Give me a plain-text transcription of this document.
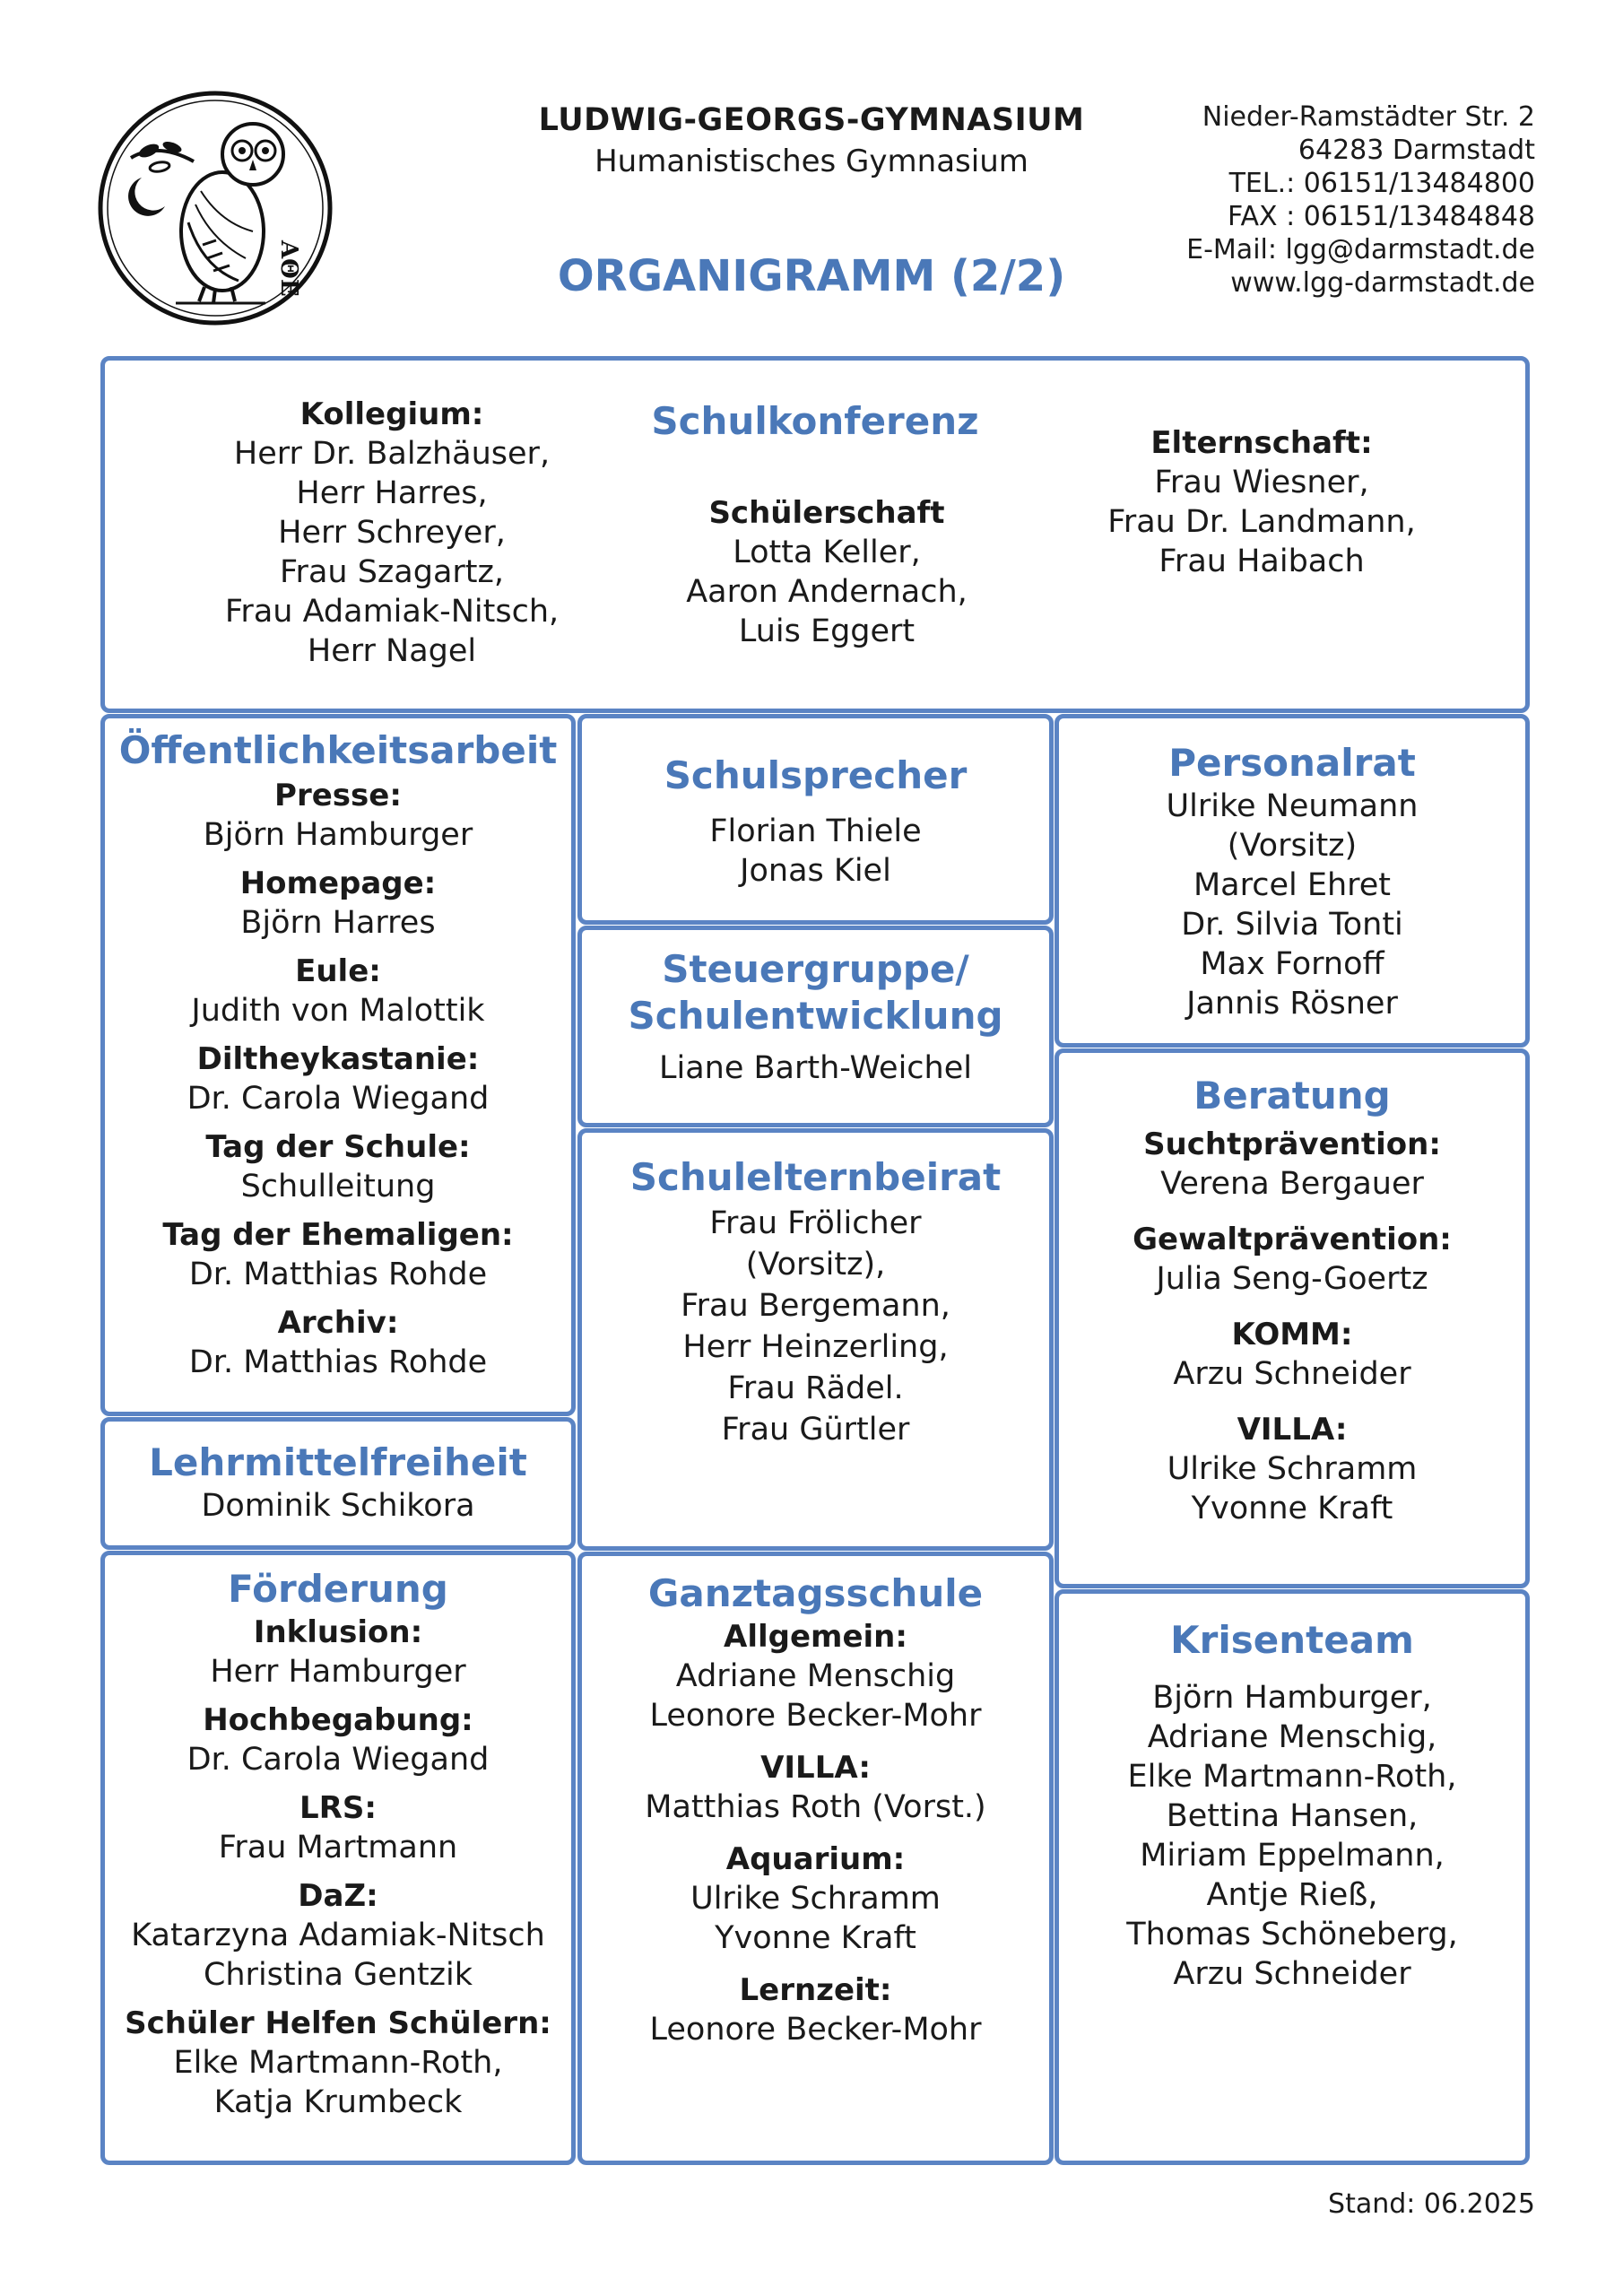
ΑΘΕ
LUDWIG-GEORGS-GYMNASIUM
Humanistisches Gymnasium
ORGANIGRAMM (2/2)
Nieder-Ramstädter Str. 2
64283 Darmstadt
TEL.: 06151/13484800
FAX : 06151/13484848
E-Mail: lgg@darmstadt.de
www.lgg-darmstadt.de
Schulkonferenz
Kollegium:
Herr Dr. Balzhäuser,
Herr Harres,
Herr Schreyer,
Frau Szagartz,
Frau Adamiak-Nitsch,
Herr Nagel
Schülerschaft
Lotta Keller,
Aaron Andernach,
Luis Eggert
Elternschaft:
Frau Wiesner,
Frau Dr. Landmann,
Frau Haibach
Öffentlichkeitsarbeit
Presse:
Björn Hamburger
Homepage:
Björn Harres
Eule:
Judith von Malottik
Diltheykastanie:
Dr. Carola Wiegand
Tag der Schule:
Schulleitung
Tag der Ehemaligen:
Dr. Matthias Rohde
Archiv:
Dr. Matthias Rohde
Lehrmittelfreiheit
Dominik Schikora
Förderung
Inklusion:
Herr Hamburger
Hochbegabung:
Dr. Carola Wiegand
LRS:
Frau Martmann
DaZ:
Katarzyna Adamiak-Nitsch
Christina Gentzik
Schüler Helfen Schülern:
Elke Martmann-Roth,
Katja Krumbeck
Schulsprecher
Florian Thiele
Jonas Kiel
Steuergruppe/
Schulentwicklung
Liane Barth-Weichel
Schulelternbeirat
Frau Frölicher
(Vorsitz),
Frau Bergemann,
Herr Heinzerling,
Frau Rädel.
Frau Gürtler
Ganztagsschule
Allgemein:
Adriane Menschig
Leonore Becker-Mohr
VILLA:
Matthias Roth (Vorst.)
Aquarium:
Ulrike Schramm
Yvonne Kraft
Lernzeit:
Leonore Becker-Mohr
Personalrat
Ulrike Neumann
(Vorsitz)
Marcel Ehret
Dr. Silvia Tonti
Max Fornoff
Jannis Rösner
Beratung
Suchtprävention:
Verena Bergauer
Gewaltprävention:
Julia Seng-Goertz
KOMM:
Arzu Schneider
VILLA:
Ulrike Schramm
Yvonne Kraft
Krisenteam
Björn Hamburger,
Adriane Menschig,
Elke Martmann-Roth,
Bettina Hansen,
Miriam Eppelmann,
Antje Rieß,
Thomas Schöneberg,
Arzu Schneider
Stand: 06.2025
